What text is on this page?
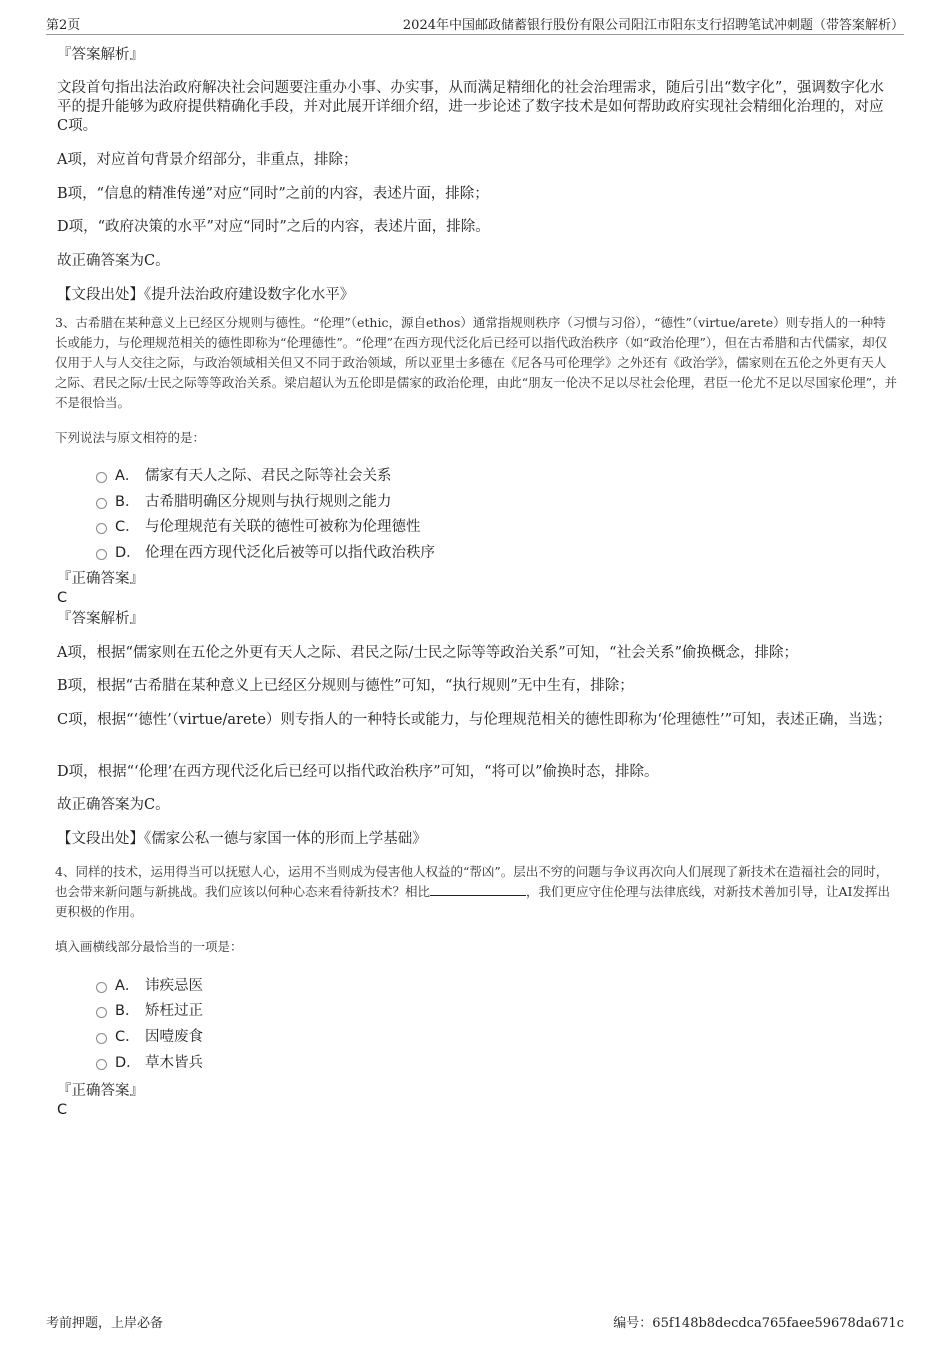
第2页	2024年中国邮政储蓄银行股份有限公司阳江市阳东支行招聘笔试冲刺题（带答案解析）
『答案解析』
文段首句指出法治政府解决社会问题要注重办小事、办实事，从而满足精细化的社会治理需求，随后引出“数字化”，强调数字化水平的提升能够为政府提供精确化手段，并对此展开详细介绍，进一步论述了数字技术是如何帮助政府实现社会精细化治理的，对应C项。
A项，对应首句背景介绍部分，非重点，排除；
B项，“信息的精准传递”对应“同时”之前的内容，表述片面，排除；
D项，“政府决策的水平”对应“同时”之后的内容，表述片面，排除。
故正确答案为C。
【文段出处】《提升法治政府建设数字化水平》
3、古希腊在某种意义上已经区分规则与德性。“伦理”（ethic，源自ethos）通常指规则秩序（习惯与习俗），“德性”（virtue/arete）则专指人的一种特长或能力，与伦理规范相关的德性即称为“伦理德性”。“伦理”在西方现代泛化后已经可以指代政治秩序（如“政治伦理”），但在古希腊和古代儒家，却仅仅用于人与人交往之际，与政治领域相关但又不同于政治领域，所以亚里士多德在《尼各马可伦理学》之外还有《政治学》，儒家则在五伦之外更有天人之际、君民之际/士民之际等等政治关系。梁启超认为五伦即是儒家的政治伦理，由此“朋友一伦决不足以尽社会伦理，君臣一伦尤不足以尽国家伦理”，并不是很恰当。
下列说法与原文相符的是：
A． 儒家有天人之际、君民之际等社会关系
B． 古希腊明确区分规则与执行规则之能力
C． 与伦理规范有关联的德性可被称为伦理德性
D． 伦理在西方现代泛化后被等可以指代政治秩序
『正确答案』
C
『答案解析』
A项，根据“儒家则在五伦之外更有天人之际、君民之际/士民之际等等政治关系”可知，“社会关系”偷换概念，排除；
B项，根据“古希腊在某种意义上已经区分规则与德性”可知，“执行规则”无中生有，排除；
C项，根据“‘德性’（virtue/arete）则专指人的一种特长或能力，与伦理规范相关的德性即称为‘伦理德性’”可知，表述正确，当选；
D项，根据“‘伦理’在西方现代泛化后已经可以指代政治秩序”可知，“将可以”偷换时态，排除。
故正确答案为C。
【文段出处】《儒家公私一德与家国一体的形而上学基础》
4、同样的技术，运用得当可以抚慰人心，运用不当则成为侵害他人权益的“帮凶”。层出不穷的问题与争议再次向人们展现了新技术在造福社会的同时，也会带来新问题与新挑战。我们应该以何种心态来看待新技术？相比	，我们更应守住伦理与法律底线，对新技术善加引导，让AI发挥出更积极的作用。
填入画横线部分最恰当的一项是：
A． 讳疾忌医
B． 矫枉过正
C． 因噎废食
D． 草木皆兵
『正确答案』
C
考前押题，上岸必备	编号：65f148b8decdca765faee59678da671c
